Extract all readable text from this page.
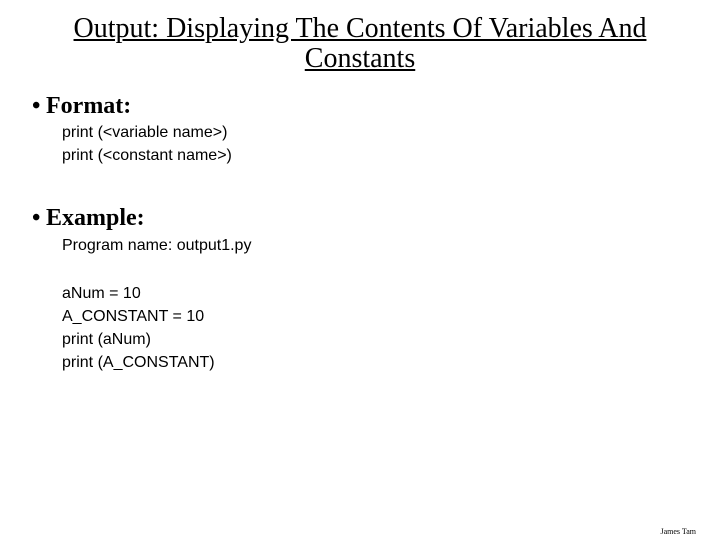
Output: Displaying The Contents Of Variables And
Constants
• Format:
print (<variable name>)
print (<constant name>)
• Example:
Program name: output1.py
aNum = 10
A_CONSTANT = 10
print (aNum)
print (A_CONSTANT)
James Tam
